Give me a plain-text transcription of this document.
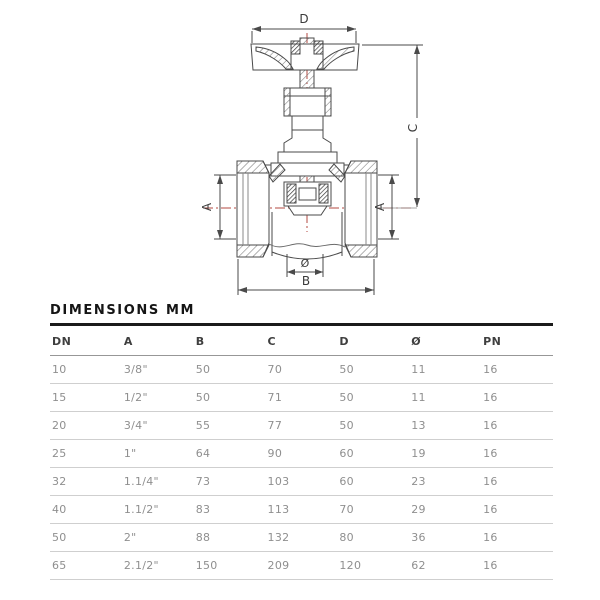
D
C
A	A
Ø
B
DIMENSIONS MM
DN	A	B	C	D	Ø	PN
10	3/8"	50	70	50	11	16
15	1/2"	50	71	50	11	16
20	3/4"	55	77	50	13	16
25	1"	64	90	60	19	16
32	1.1/4"	73	103	60	23	16
40	1.1/2"	83	113	70	29	16
50	2"	88	132	80	36	16
65	2.1/2"	150	209	120	62	16
